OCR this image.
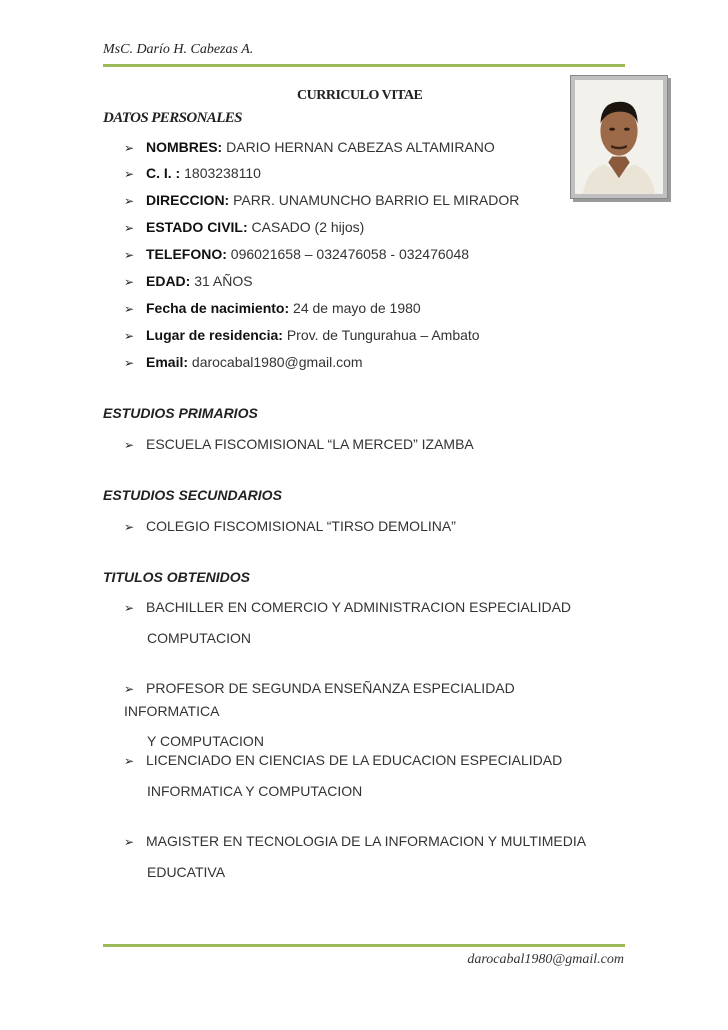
MsC. Darío H. Cabezas A.
CURRICULO VITAE
DATOS PERSONALES
➢ NOMBRES: DARIO HERNAN CABEZAS ALTAMIRANO
➢ C. I. : 1803238110
➢ DIRECCION: PARR. UNAMUNCHO BARRIO EL MIRADOR
➢ ESTADO CIVIL: CASADO (2 hijos)
➢ TELEFONO: 096021658 – 032476058 - 032476048
➢ EDAD: 31 AÑOS
➢ Fecha de nacimiento: 24 de mayo de 1980
➢ Lugar de residencia: Prov. de Tungurahua – Ambato
➢ Email: darocabal1980@gmail.com
ESTUDIOS PRIMARIOS
➢ ESCUELA FISCOMISIONAL “LA MERCED” IZAMBA
ESTUDIOS SECUNDARIOS
➢ COLEGIO FISCOMISIONAL “TIRSO DEMOLINA”
TITULOS OBTENIDOS
➢ BACHILLER EN COMERCIO Y ADMINISTRACION ESPECIALIDAD
COMPUTACION
➢ PROFESOR DE SEGUNDA ENSEÑANZA ESPECIALIDAD INFORMATICA
Y COMPUTACION
➢ LICENCIADO EN CIENCIAS DE LA EDUCACION ESPECIALIDAD
INFORMATICA Y COMPUTACION
➢ MAGISTER EN TECNOLOGIA DE LA INFORMACION Y MULTIMEDIA
EDUCATIVA
darocabal1980@gmail.com
